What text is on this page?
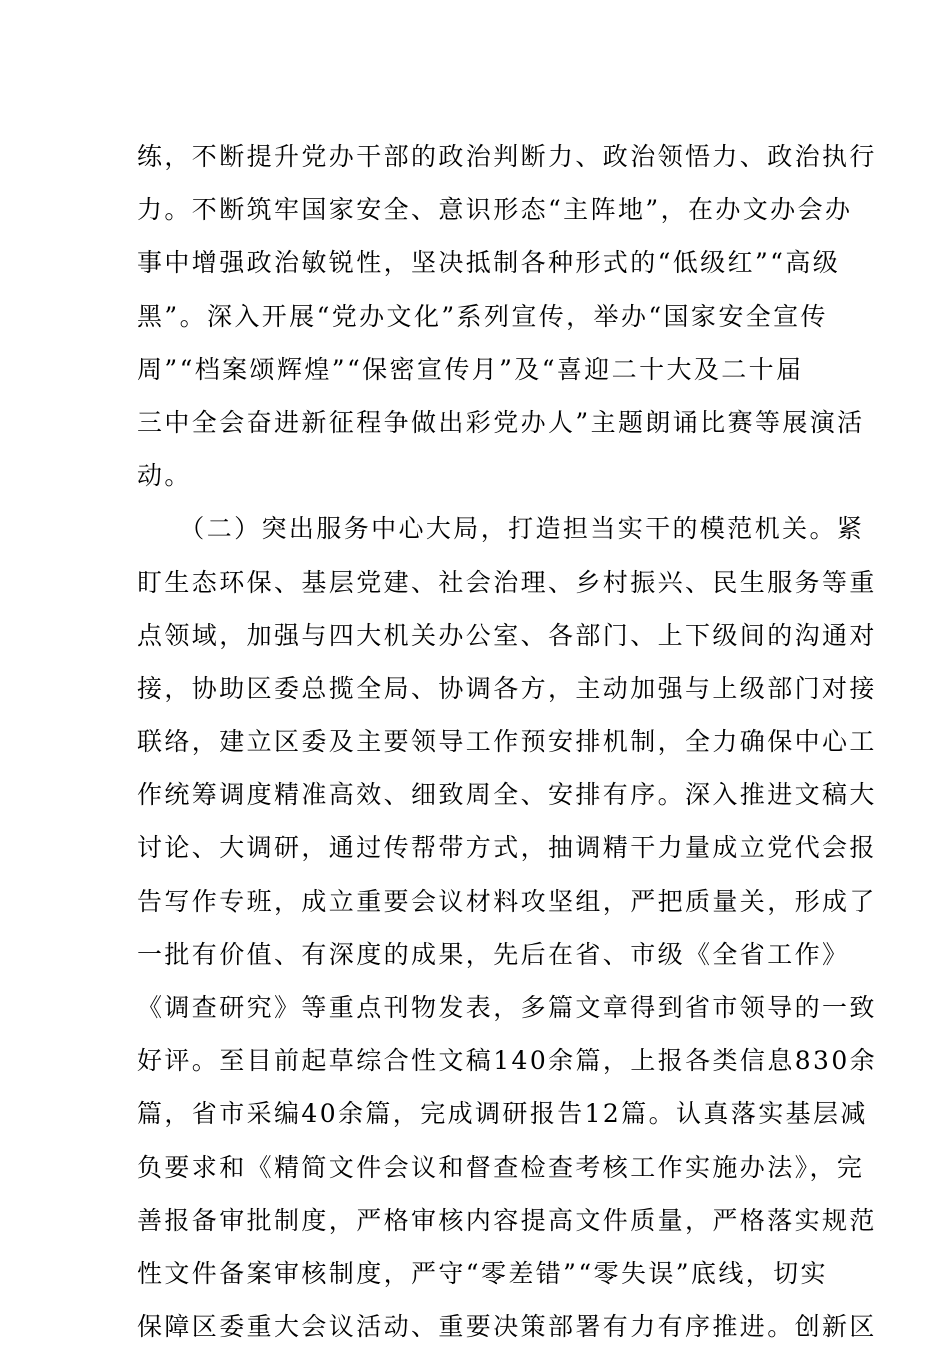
练，不断提升党办干部的政治判断力、政治领悟力、政治执行
力。不断筑牢国家安全、意识形态“主阵地”，在办文办会办
事中增强政治敏锐性，坚决抵制各种形式的“低级红”“高级
黑”。深入开展“党办文化”系列宣传，举办“国家安全宣传
周”“档案颂辉煌”“保密宣传月”及“喜迎二十大及二十届
三中全会奋进新征程争做出彩党办人”主题朗诵比赛等展演活
动。
　　（二）突出服务中心大局，打造担当实干的模范机关。紧
盯生态环保、基层党建、社会治理、乡村振兴、民生服务等重
点领域，加强与四大机关办公室、各部门、上下级间的沟通对
接，协助区委总揽全局、协调各方，主动加强与上级部门对接
联络，建立区委及主要领导工作预安排机制，全力确保中心工
作统筹调度精准高效、细致周全、安排有序。深入推进文稿大
讨论、大调研，通过传帮带方式，抽调精干力量成立党代会报
告写作专班，成立重要会议材料攻坚组，严把质量关，形成了
一批有价值、有深度的成果，先后在省、市级《全省工作》
《调查研究》等重点刊物发表，多篇文章得到省市领导的一致
好评。至目前起草综合性文稿140余篇，上报各类信息830余
篇，省市采编40余篇，完成调研报告12篇。认真落实基层减
负要求和《精简文件会议和督查检查考核工作实施办法》，完
善报备审批制度，严格审核内容提高文件质量，严格落实规范
性文件备案审核制度，严守“零差错”“零失误”底线，切实
保障区委重大会议活动、重要决策部署有力有序推进。创新区
